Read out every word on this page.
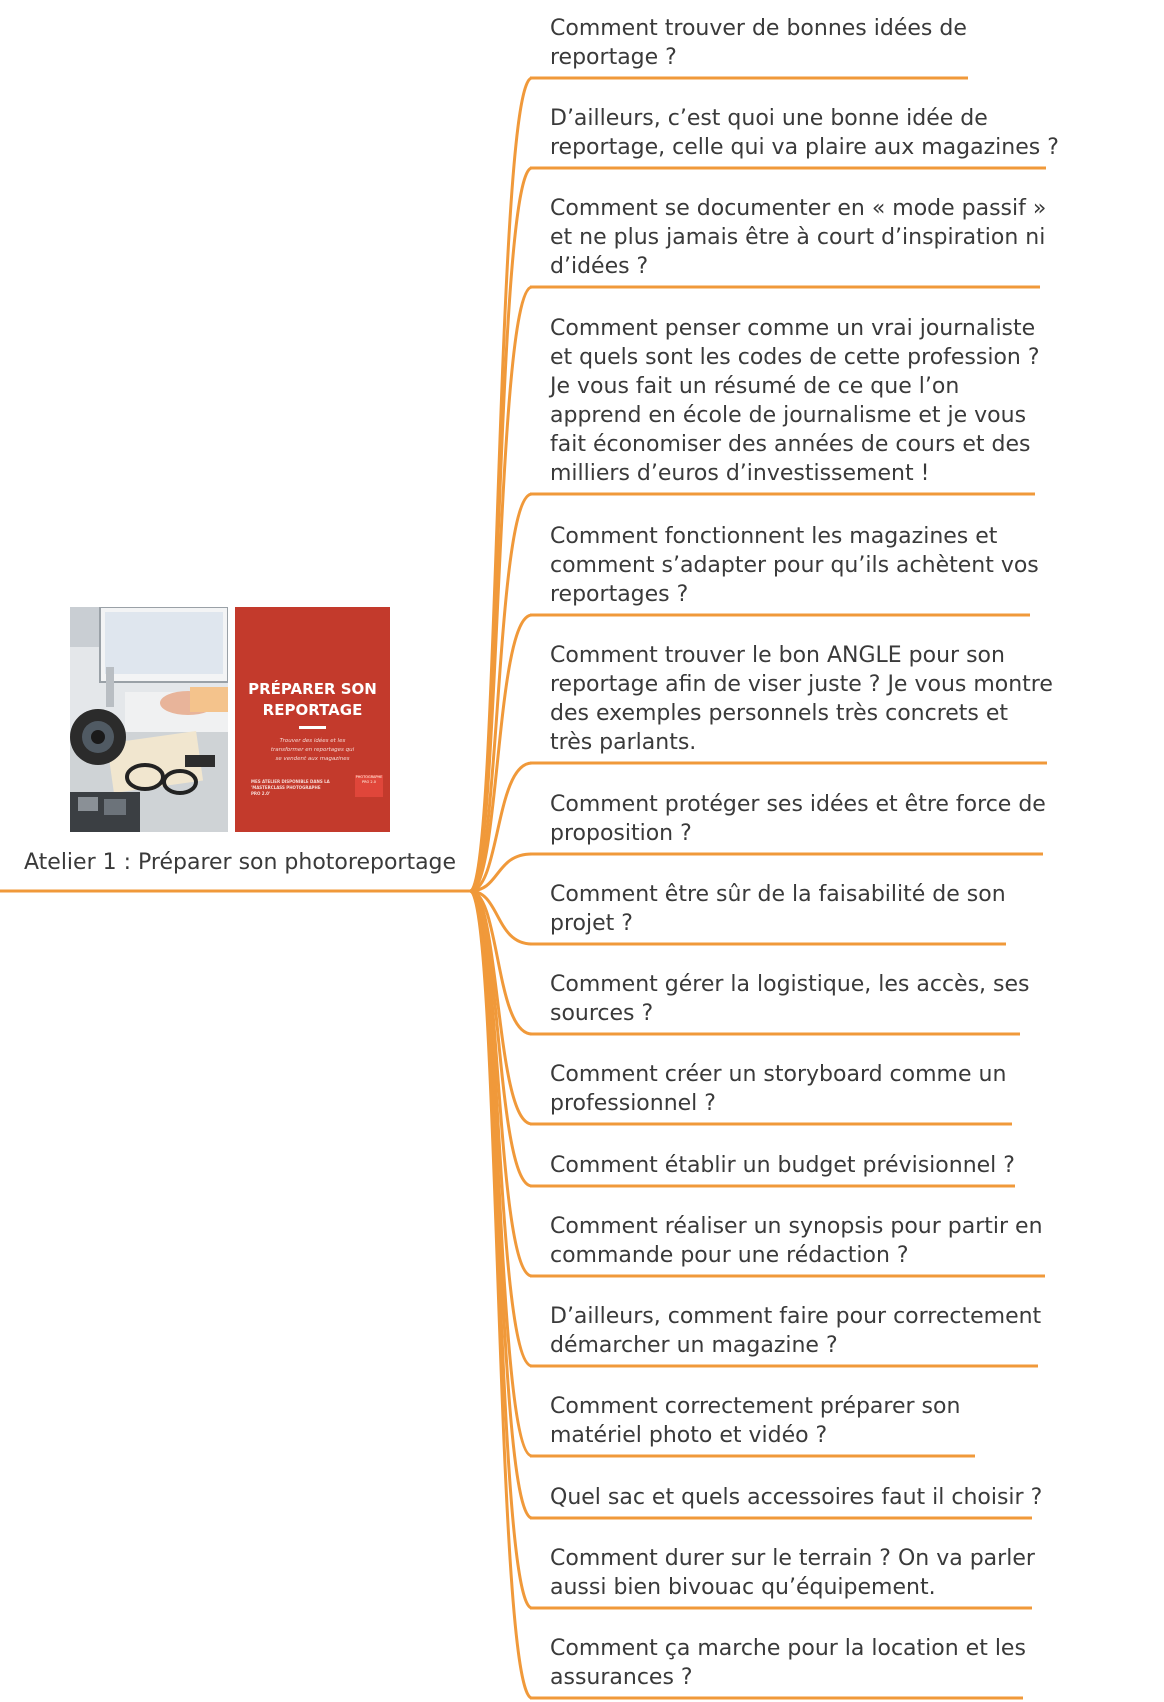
PRÉPARER SON
REPORTAGE
Trouver des idées et les
transformer en reportages qui
se vendent aux magazines
MES ATELIER DISPONIBLE DANS LA
'MASTERCLASS PHOTOGRAPHE PRO 2.0'
PHOTOGRAPHE PRO 2.0
Atelier 1 : Préparer son photoreportage
Comment trouver de bonnes idées de
reportage ?
D’ailleurs, c’est quoi une bonne idée de
reportage, celle qui va plaire aux magazines ?
Comment se documenter en « mode passif »
et ne plus jamais être à court d’inspiration ni
d’idées ?
Comment penser comme un vrai journaliste
et quels sont les codes de cette profession ?
Je vous fait un résumé de ce que l’on
apprend en école de journalisme et je vous
fait économiser des années de cours et des
milliers d’euros d’investissement !
Comment fonctionnent les magazines et
comment s’adapter pour qu’ils achètent vos
reportages ?
Comment trouver le bon ANGLE pour son
reportage afin de viser juste ? Je vous montre
des exemples personnels très concrets et
très parlants.
Comment protéger ses idées et être force de
proposition ?
Comment être sûr de la faisabilité de son
projet ?
Comment gérer la logistique, les accès, ses
sources ?
Comment créer un storyboard comme un
professionnel ?
Comment établir un budget prévisionnel ?
Comment réaliser un synopsis pour partir en
commande pour une rédaction ?
D’ailleurs, comment faire pour correctement
démarcher un magazine ?
Comment correctement préparer son
matériel photo et vidéo ?
Quel sac et quels accessoires faut il choisir ?
Comment durer sur le terrain ? On va parler
aussi bien bivouac qu’équipement.
Comment ça marche pour la location et les
assurances ?
